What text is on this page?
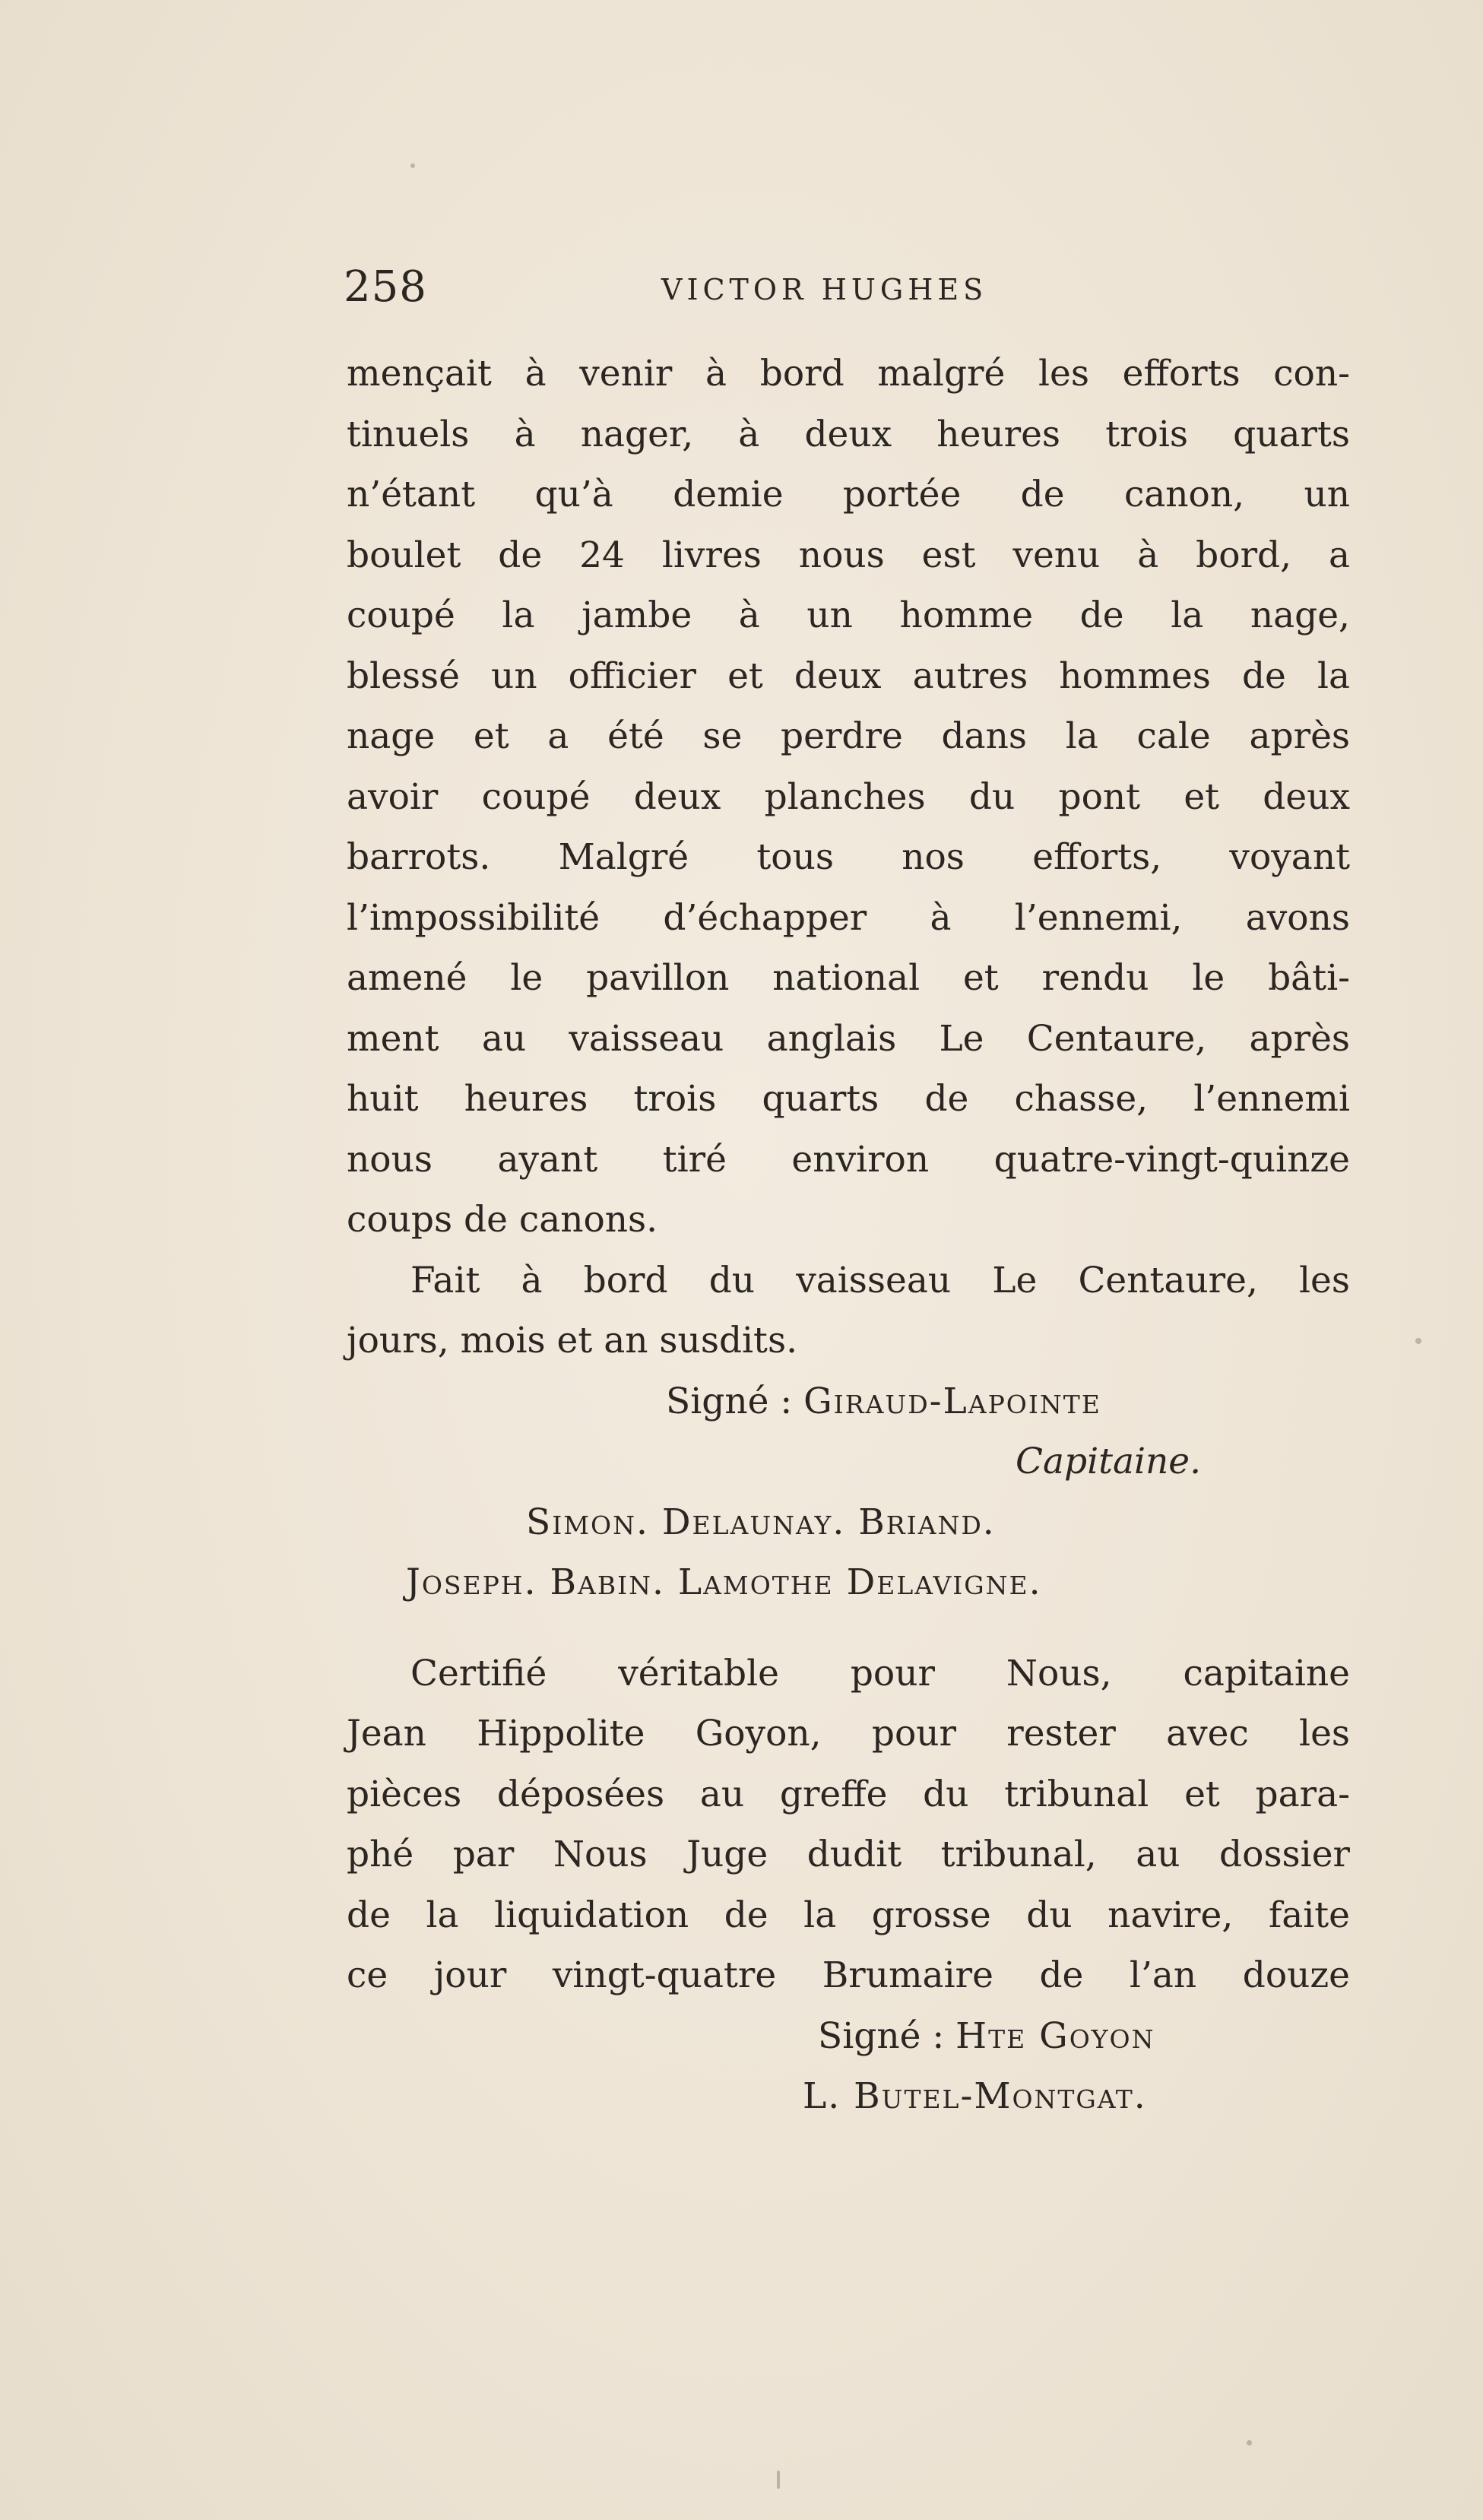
258	VICTOR HUGHES
mençait à venir à bord malgré les efforts con-
tinuels à nager, à deux heures trois quarts
n’étant qu’à demie portée de canon, un
boulet de 24 livres nous est venu à bord, a
coupé la jambe à un homme de la nage,
blessé un officier et deux autres hommes de la
nage et a été se perdre dans la cale après
avoir coupé deux planches du pont et deux
barrots. Malgré tous nos efforts, voyant
l’impossibilité d’échapper à l’ennemi, avons
amené le pavillon national et rendu le bâti-
ment au vaisseau anglais Le Centaure, après
huit heures trois quarts de chasse, l’ennemi
nous ayant tiré environ quatre-vingt-quinze
coups de canons.
Fait à bord du vaisseau Le Centaure, les
jours, mois et an susdits.
Signé : Giraud-Lapointe
Capitaine.
Simon. Delaunay. Briand.
Joseph. Babin. Lamothe Delavigne.
Certifié véritable pour Nous, capitaine
Jean Hippolite Goyon, pour rester avec les
pièces déposées au greffe du tribunal et para-
phé par Nous Juge dudit tribunal, au dossier
de la liquidation de la grosse du navire, faite
ce jour vingt-quatre Brumaire de l’an douze
Signé : Hte Goyon
L. Butel-Montgat.
